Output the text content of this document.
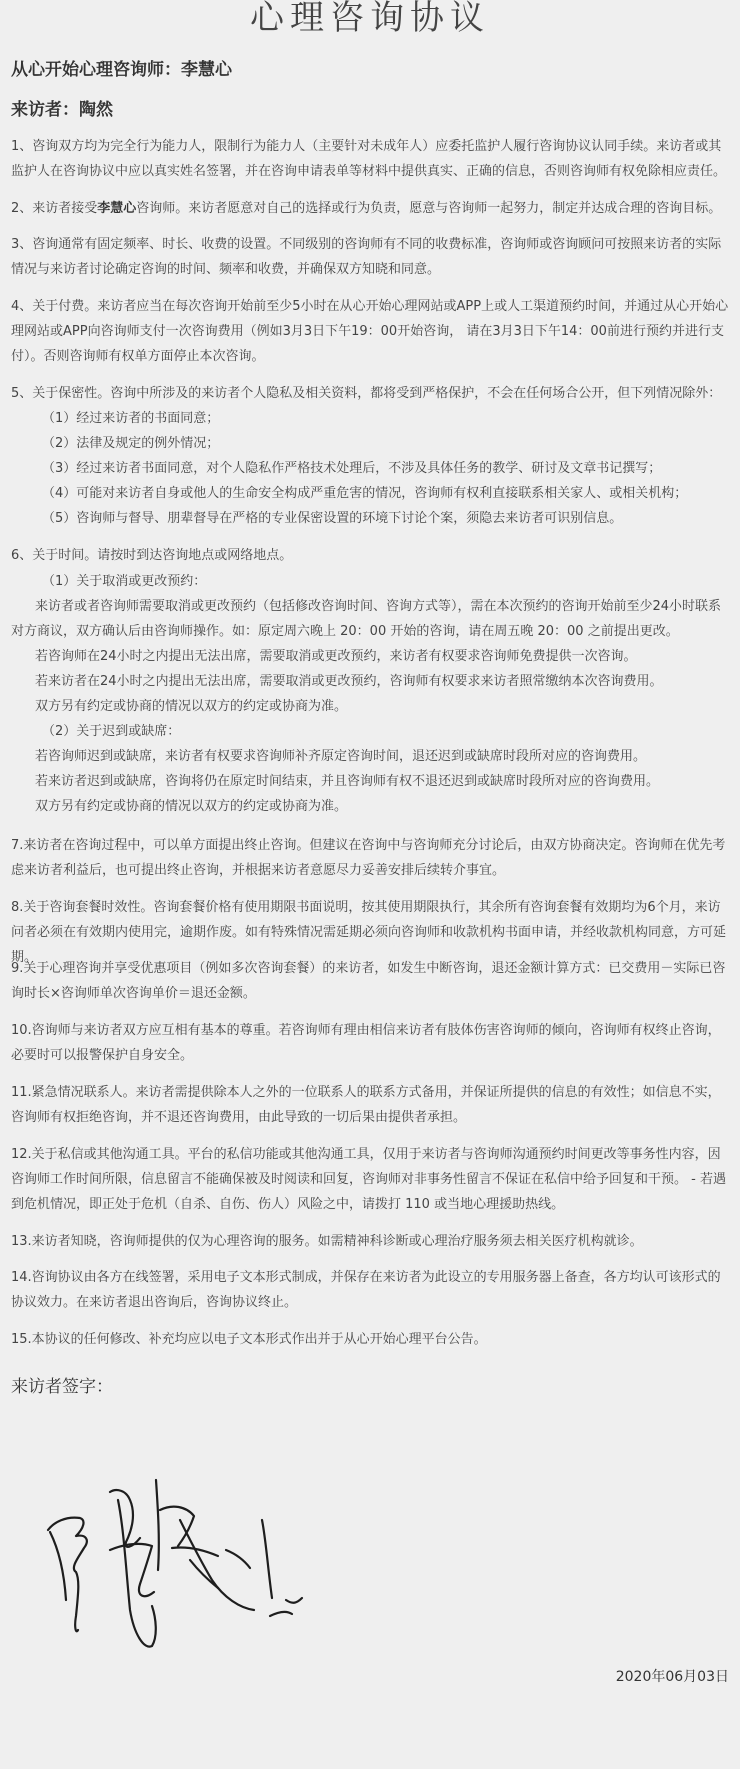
心理咨询协议
从心开始心理咨询师：李慧心
来访者：陶然

1、咨询双方均为完全行为能力人，限制行为能力人（主要针对未成年人）应委托监护人履行咨询协议认同手续。来访者或其监护人在咨询协议中应以真实姓名签署，并在咨询申请表单等材料中提供真实、正确的信息，否则咨询师有权免除相应责任。

2、来访者接受李慧心咨询师。来访者愿意对自己的选择或行为负责，愿意与咨询师一起努力，制定并达成合理的咨询目标。

3、咨询通常有固定频率、时长、收费的设置。不同级别的咨询师有不同的收费标准，咨询师或咨询顾问可按照来访者的实际情况与来访者讨论确定咨询的时间、频率和收费，并确保双方知晓和同意。

4、关于付费。来访者应当在每次咨询开始前至少5小时在从心开始心理网站或APP上或人工渠道预约时间，并通过从心开始心理网站或APP向咨询师支付一次咨询费用（例如3月3日下午19：00开始咨询， 请在3月3日下午14：00前进行预约并进行支付）。否则咨询师有权单方面停止本次咨询。

5、关于保密性。咨询中所涉及的来访者个人隐私及相关资料，都将受到严格保护，不会在任何场合公开，但下列情况除外：

（1）经过来访者的书面同意；
（2）法律及规定的例外情况；
（3）经过来访者书面同意，对个人隐私作严格技术处理后，不涉及具体任务的教学、研讨及文章书记撰写；
（4）可能对来访者自身或他人的生命安全构成严重危害的情况，咨询师有权利直接联系相关家人、或相关机构；
（5）咨询师与督导、朋辈督导在严格的专业保密设置的环境下讨论个案，须隐去来访者可识别信息。

6、关于时间。请按时到达咨询地点或网络地点。

（1）关于取消或更改预约：

来访者或者咨询师需要取消或更改预约（包括修改咨询时间、咨询方式等），需在本次预约的咨询开始前至少24小时联系对方商议，双方确认后由咨询师操作。如：原定周六晚上 20：00 开始的咨询，请在周五晚 20：00 之前提出更改。

若咨询师在24小时之内提出无法出席，需要取消或更改预约，来访者有权要求咨询师免费提供一次咨询。
若来访者在24小时之内提出无法出席，需要取消或更改预约，咨询师有权要求来访者照常缴纳本次咨询费用。
双方另有约定或协商的情况以双方的约定或协商为准。
（2）关于迟到或缺席：
若咨询师迟到或缺席，来访者有权要求咨询师补齐原定咨询时间，退还迟到或缺席时段所对应的咨询费用。
若来访者迟到或缺席，咨询将仍在原定时间结束，并且咨询师有权不退还迟到或缺席时段所对应的咨询费用。
双方另有约定或协商的情况以双方的约定或协商为准。

7.来访者在咨询过程中，可以单方面提出终止咨询。但建议在咨询中与咨询师充分讨论后，由双方协商决定。咨询师在优先考虑来访者利益后，也可提出终止咨询，并根据来访者意愿尽力妥善安排后续转介事宜。

8.关于咨询套餐时效性。咨询套餐价格有使用期限书面说明，按其使用期限执行，其余所有咨询套餐有效期均为6个月，来访问者必须在有效期内使用完，逾期作废。如有特殊情况需延期必须向咨询师和收款机构书面申请，并经收款机构同意，方可延期。

9.关于心理咨询并享受优惠项目（例如多次咨询套餐）的来访者，如发生中断咨询，退还金额计算方式：已交费用－实际已咨询时长×咨询师单次咨询单价＝退还金额。

10.咨询师与来访者双方应互相有基本的尊重。若咨询师有理由相信来访者有肢体伤害咨询师的倾向，咨询师有权终止咨询， 必要时可以报警保护自身安全。

11.紧急情况联系人。来访者需提供除本人之外的一位联系人的联系方式备用，并保证所提供的信息的有效性；如信息不实，咨询师有权拒绝咨询，并不退还咨询费用，由此导致的一切后果由提供者承担。

12.关于私信或其他沟通工具。平台的私信功能或其他沟通工具，仅用于来访者与咨询师沟通预约时间更改等事务性内容，因咨询师工作时间所限，信息留言不能确保被及时阅读和回复，咨询师对非事务性留言不保证在私信中给予回复和干预。 - 若遇到危机情况，即正处于危机（自杀、自伤、伤人）风险之中，请拨打 110 或当地心理援助热线。

13.来访者知晓，咨询师提供的仅为心理咨询的服务。如需精神科诊断或心理治疗服务须去相关医疗机构就诊。

14.咨询协议由各方在线签署，采用电子文本形式制成，并保存在来访者为此设立的专用服务器上备查，各方均认可该形式的协议效力。在来访者退出咨询后，咨询协议终止。

15.本协议的任何修改、补充均应以电子文本形式作出并于从心开始心理平台公告。

来访者签字：
2020年06月03日
